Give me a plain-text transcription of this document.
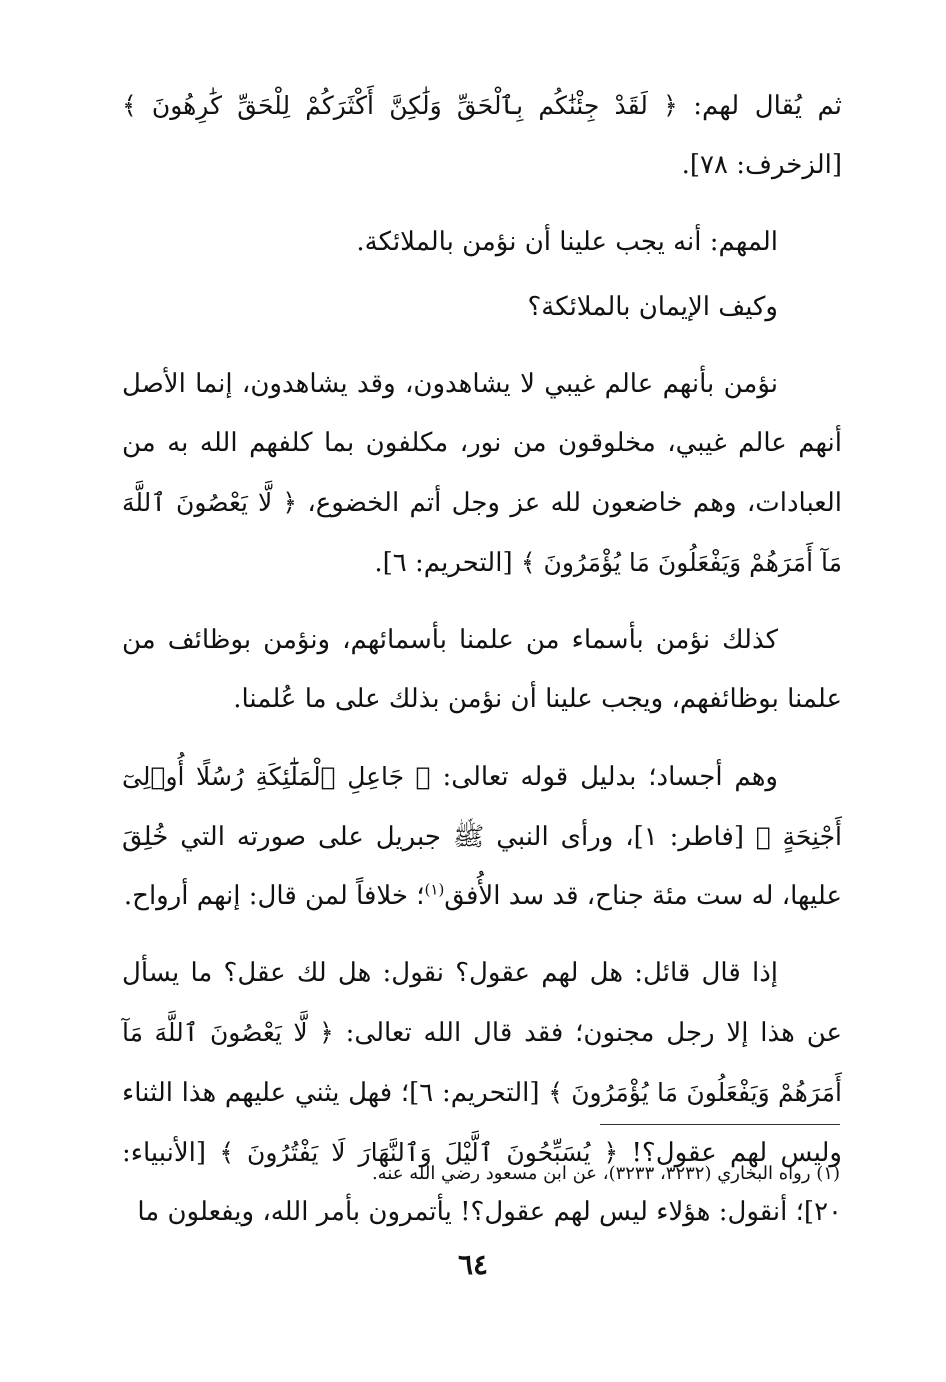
ثم يُقال لهم: ﴿ لَقَدْ جِئْنَٰكُم بِٱلْحَقِّ وَلَٰكِنَّ أَكْثَرَكُمْ لِلْحَقِّ كَٰرِهُونَ ﴾ [الزخرف: ٧٨].

المهم: أنه يجب علينا أن نؤمن بالملائكة.

وكيف الإيمان بالملائكة؟

نؤمن بأنهم عالم غيبي لا يشاهدون، وقد يشاهدون، إنما الأصل أنهم عالم غيبي، مخلوقون من نور، مكلفون بما كلفهم الله به من العبادات، وهم خاضعون لله عز وجل أتم الخضوع، ﴿ لَّا يَعْصُونَ ٱللَّهَ مَآ أَمَرَهُمْ وَيَفْعَلُونَ مَا يُؤْمَرُونَ ﴾ [التحريم: ٦].

كذلك نؤمن بأسماء من علمنا بأسمائهم، ونؤمن بوظائف من علمنا بوظائفهم، ويجب علينا أن نؤمن بذلك على ما عُلمنا.

وهم أجساد؛ بدليل قوله تعالى: ﴿ جَاعِلِ ٱلْمَلَٰٓئِكَةِ رُسُلًا أُو۟لِىٓ أَجْنِحَةٍ ﴾ [فاطر: ١]، ورأى النبي ﷺ جبريل على صورته التي خُلِقَ عليها، له ست مئة جناح، قد سد الأُفق$^{(١)}$؛ خلافاً لمن قال: إنهم أرواح.

إذا قال قائل: هل لهم عقول؟ نقول: هل لك عقل؟ ما يسأل عن هذا إلا رجل مجنون؛ فقد قال الله تعالى: ﴿ لَّا يَعْصُونَ ٱللَّهَ مَآ أَمَرَهُمْ وَيَفْعَلُونَ مَا يُؤْمَرُونَ ﴾ [التحريم: ٦]؛ فهل يثني عليهم هذا الثناء وليس لهم عقول؟! ﴿ يُسَبِّحُونَ ٱلَّيْلَ وَٱلنَّهَارَ لَا يَفْتُرُونَ ﴾ [الأنبياء: ٢٠]؛ أنقول: هؤلاء ليس لهم عقول؟! يأتمرون بأمر الله، ويفعلون ما

(١) رواه البخاري (٣٢٣٢، ٣٢٣٣)، عن ابن مسعود رضي الله عنه.
٦٤
